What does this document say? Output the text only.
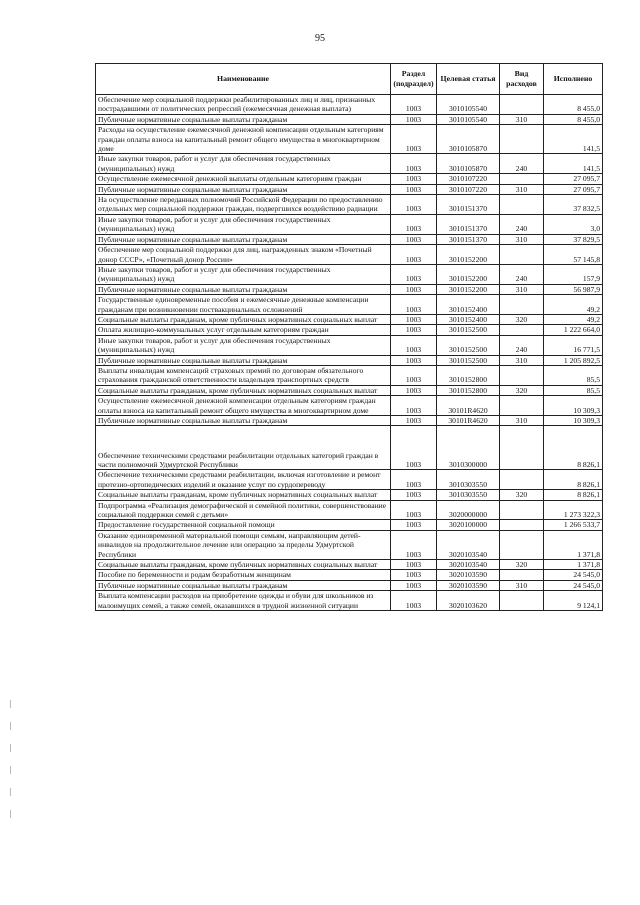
95
Наименование	Раздел (подраздел)	Целевая статья	Вид расходов	Исполнено
Обеспечение мер социальной поддержки реабилитированных лиц и лиц, признанных пострадавшими от политических репрессий (ежемесячная денежная выплата)	1003	3010105540		8 455,0
Публичные нормативные социальные выплаты гражданам	1003	3010105540	310	8 455,0
Расходы на осуществление ежемесячной денежной компенсации отдельным категориям граждан оплаты взноса на капитальный ремонт общего имущества в многоквартирном доме	1003	3010105870		141,5
Иные закупки товаров, работ и услуг для обеспечения государственных (муниципальных) нужд	1003	3010105870	240	141,5
Осуществление ежемесячной денежной выплаты отдельным категориям граждан	1003	3010107220		27 095,7
Публичные нормативные социальные выплаты гражданам	1003	3010107220	310	27 095,7
На осуществление переданных полномочий Российской Федерации по предоставлению отдельных мер социальной поддержки граждан, подвергшихся воздействию радиации	1003	3010151370		37 832,5
Иные закупки товаров, работ и услуг для обеспечения государственных (муниципальных) нужд	1003	3010151370	240	3,0
Публичные нормативные социальные выплаты гражданам	1003	3010151370	310	37 829,5
Обеспечение мер социальной поддержки для лиц, награжденных знаком «Почетный донор СССР», «Почетный донор России»	1003	3010152200		57 145,8
Иные закупки товаров, работ и услуг для обеспечения государственных (муниципальных) нужд	1003	3010152200	240	157,9
Публичные нормативные социальные выплаты гражданам	1003	3010152200	310	56 987,9
Государственные единовременные пособия и ежемесячные денежные компенсации гражданам при возникновении поствакцинальных осложнений	1003	3010152400		49,2
Социальные выплаты гражданам, кроме публичных нормативных социальных выплат	1003	3010152400	320	49,2
Оплата жилищно-коммунальных услуг отдельным категориям граждан	1003	3010152500		1 222 664,0
Иные закупки товаров, работ и услуг для обеспечения государственных (муниципальных) нужд	1003	3010152500	240	16 771,5
Публичные нормативные социальные выплаты гражданам	1003	3010152500	310	1 205 892,5
Выплаты инвалидам компенсаций страховых премий по договорам обязательного страхования гражданской ответственности владельцев транспортных средств	1003	3010152800		85,5
Социальные выплаты гражданам, кроме публичных нормативных социальных выплат	1003	3010152800	320	85,5
Осуществление ежемесячной денежной компенсации отдельным категориям граждан оплаты взноса на капитальный ремонт общего имущества в многоквартирном доме	1003	30101R4620		10 309,3
Публичные нормативные социальные выплаты гражданам	1003	30101R4620	310	10 309,3
Обеспечение техническими средствами реабилитации отдельных категорий граждан в части полномочий Удмуртской Республики	1003	3010300000		8 826,1
Обеспечение техническими средствами реабилитации, включая изготовление и ремонт протезно-ортопедических изделий и оказание услуг по сурдопереводу	1003	3010303550		8 826,1
Социальные выплаты гражданам, кроме публичных нормативных социальных выплат	1003	3010303550	320	8 826,1
Подпрограмма «Реализация демографической и семейной политики, совершенствование социальной поддержки семей с детьми»	1003	3020000000		1 273 322,3
Предоставление государственной социальной помощи	1003	3020100000		1 266 533,7
Оказание единовременной материальной помощи семьям, направляющим детей-инвалидов на продолжительное лечение или операцию за пределы Удмуртской Республики	1003	3020103540		1 371,8
Социальные выплаты гражданам, кроме публичных нормативных социальных выплат	1003	3020103540	320	1 371,8
Пособие по беременности и родам безработным женщинам	1003	3020103590		24 545,0
Публичные нормативные социальные выплаты гражданам	1003	3020103590	310	24 545,0
Выплата компенсации расходов на приобретение одежды и обуви для школьников из малоимущих семей, а также семей, оказавшихся в трудной жизненной ситуации	1003	3020103620		9 124,1
